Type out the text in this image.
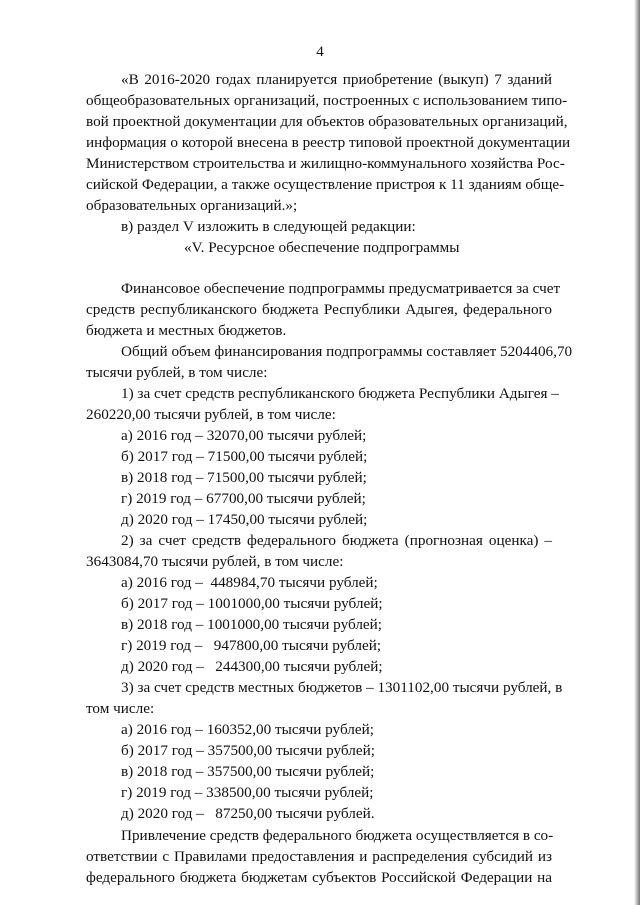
4
«В 2016-2020 годах планируется приобретение (выкуп) 7 зданий
общеобразовательных организаций, построенных с использованием типо-
вой проектной документации для объектов образовательных организаций,
информация о которой внесена в реестр типовой проектной документации
Министерством строительства и жилищно-коммунального хозяйства Рос-
сийской Федерации, а также осуществление пристроя к 11 зданиям обще-
образовательных организаций.»;
в) раздел V изложить в следующей редакции:
«V. Ресурсное обеспечение подпрограммы
Финансовое обеспечение подпрограммы предусматривается за счет
средств республиканского бюджета Республики Адыгея, федерального
бюджета и местных бюджетов.
Общий объем финансирования подпрограммы составляет 5204406,70
тысячи рублей, в том числе:
1) за счет средств республиканского бюджета Республики Адыгея –
260220,00 тысячи рублей, в том числе:
а) 2016 год – 32070,00 тысячи рублей;
б) 2017 год – 71500,00 тысячи рублей;
в) 2018 год – 71500,00 тысячи рублей;
г) 2019 год – 67700,00 тысячи рублей;
д) 2020 год – 17450,00 тысячи рублей;
2) за счет средств федерального бюджета (прогнозная оценка) –
3643084,70 тысячи рублей, в том числе:
а) 2016 год –  448984,70 тысячи рублей;
б) 2017 год – 1001000,00 тысячи рублей;
в) 2018 год – 1001000,00 тысячи рублей;
г) 2019 год –   947800,00 тысячи рублей;
д) 2020 год –   244300,00 тысячи рублей;
3) за счет средств местных бюджетов – 1301102,00 тысячи рублей, в
том числе:
а) 2016 год – 160352,00 тысячи рублей;
б) 2017 год – 357500,00 тысячи рублей;
в) 2018 год – 357500,00 тысячи рублей;
г) 2019 год – 338500,00 тысячи рублей;
д) 2020 год –   87250,00 тысячи рублей.
Привлечение средств федерального бюджета осуществляется в со-
ответствии с Правилами предоставления и распределения субсидий из
федерального бюджета бюджетам субъектов Российской Федерации на
